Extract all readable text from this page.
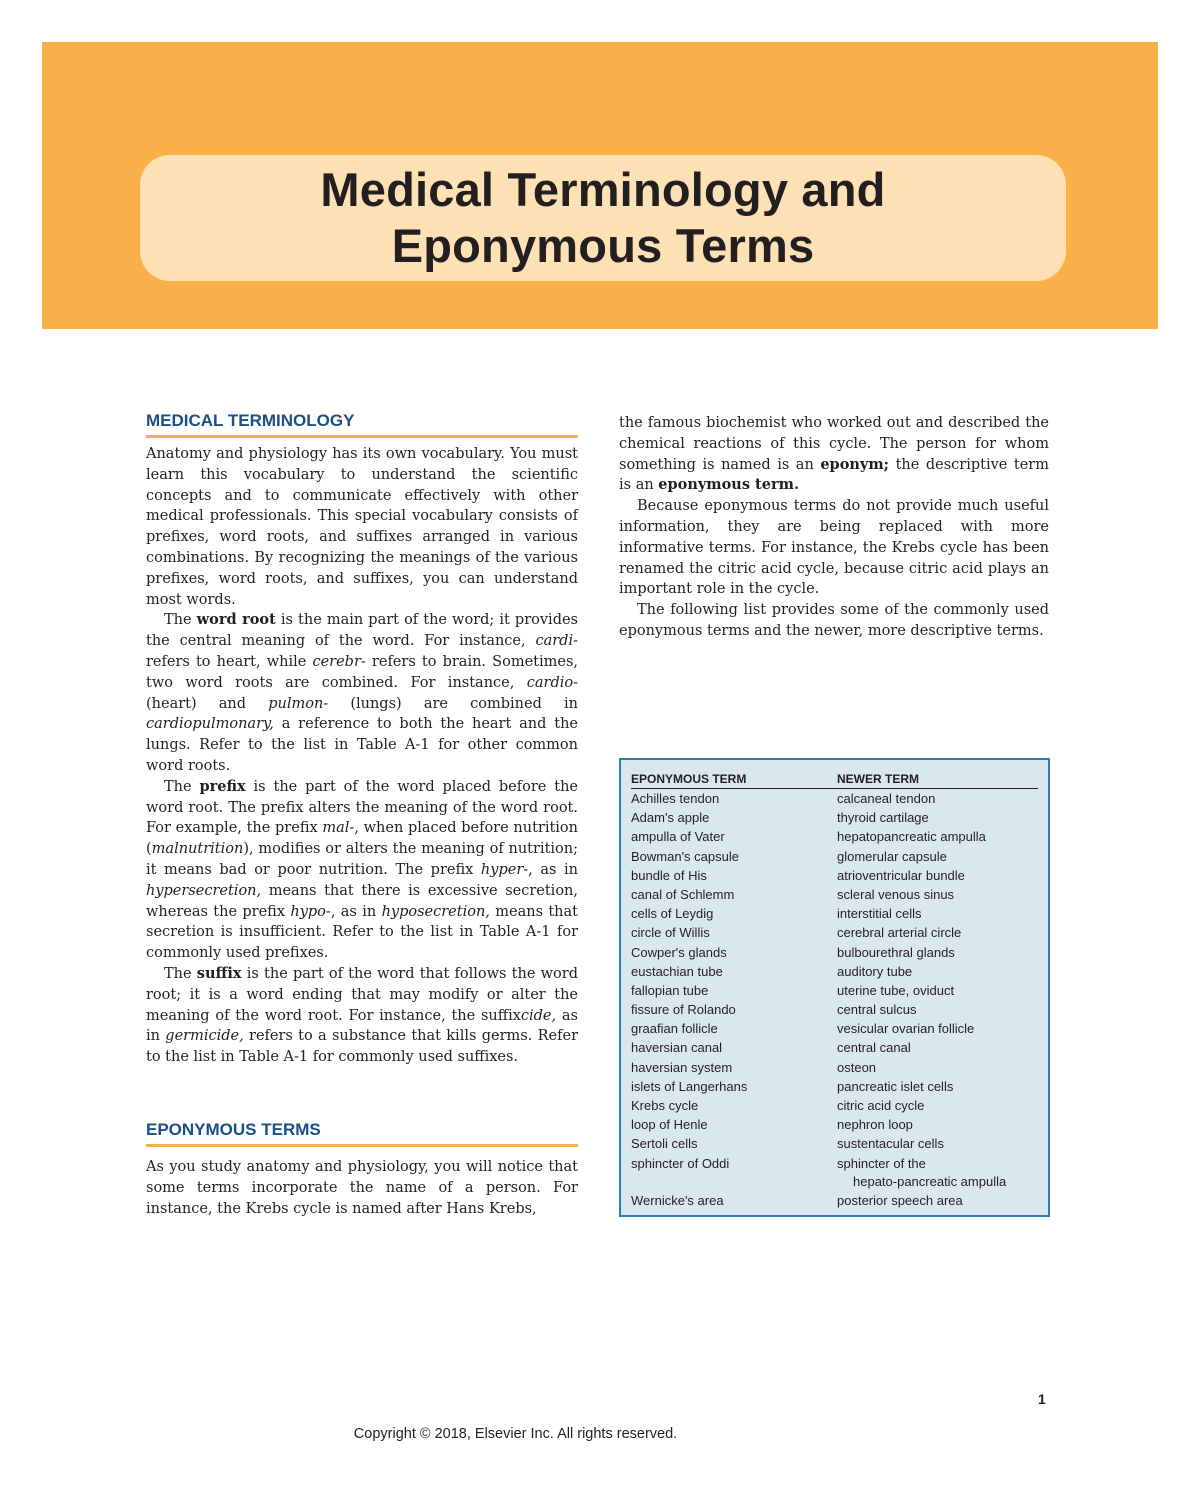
Medical Terminology and
Eponymous Terms
MEDICAL TERMINOLOGY

Anatomy and physiology has its own vocabulary. You must learn this vocabulary to understand the scientific concepts and to communicate effectively with other medical professionals. This special vocabulary consists of prefixes, word roots, and suffixes arranged in various combinations. By recognizing the meanings of the various prefixes, word roots, and suffixes, you can understand most words.

The word root is the main part of the word; it provides the central meaning of the word. For instance, cardi- refers to heart, while cerebr- refers to brain. Sometimes, two word roots are combined. For instance, cardio- (heart) and pulmon- (lungs) are combined in cardiopulmonary, a reference to both the heart and the lungs. Refer to the list in Table A-1 for other common word roots.

The prefix is the part of the word placed before the word root. The prefix alters the meaning of the word root. For example, the prefix mal-, when placed before nutrition (malnutrition), modifies or alters the meaning of nutrition; it means bad or poor nutrition. The prefix hyper-, as in hypersecretion, means that there is excessive secretion, whereas the prefix hypo-, as in hyposecretion, means that secretion is insufficient. Refer to the list in Table A-1 for commonly used prefixes.

The suffix is the part of the word that follows the word root; it is a word ending that may modify or alter the meaning of the word root. For instance, the suffixcide, as in germicide, refers to a substance that kills germs. Refer to the list in Table A-1 for commonly used suffixes.

EPONYMOUS TERMS

As you study anatomy and physiology, you will notice that some terms incorporate the name of a person. For instance, the Krebs cycle is named after Hans Krebs,

the famous biochemist who worked out and described the chemical reactions of this cycle. The person for whom something is named is an eponym; the descriptive term is an eponymous term.

Because eponymous terms do not provide much useful information, they are being replaced with more informative terms. For instance, the Krebs cycle has been renamed the citric acid cycle, because citric acid plays an important role in the cycle.

The following list provides some of the commonly used eponymous terms and the newer, more descriptive terms.

EPONYMOUS TERM	NEWER TERM
Achilles tendon	calcaneal tendon
Adam's apple	thyroid cartilage
ampulla of Vater	hepatopancreatic ampulla
Bowman's capsule	glomerular capsule
bundle of His	atrioventricular bundle
canal of Schlemm	scleral venous sinus
cells of Leydig	interstitial cells
circle of Willis	cerebral arterial circle
Cowper's glands	bulbourethral glands
eustachian tube	auditory tube
fallopian tube	uterine tube, oviduct
fissure of Rolando	central sulcus
graafian follicle	vesicular ovarian follicle
haversian canal	central canal
haversian system	osteon
islets of Langerhans	pancreatic islet cells
Krebs cycle	citric acid cycle
loop of Henle	nephron loop
Sertoli cells	sustentacular cells
sphincter of Oddi	sphincter of the
hepato-pancreatic ampulla
Wernicke's area	posterior speech area
1
Copyright © 2018, Elsevier Inc. All rights reserved.
